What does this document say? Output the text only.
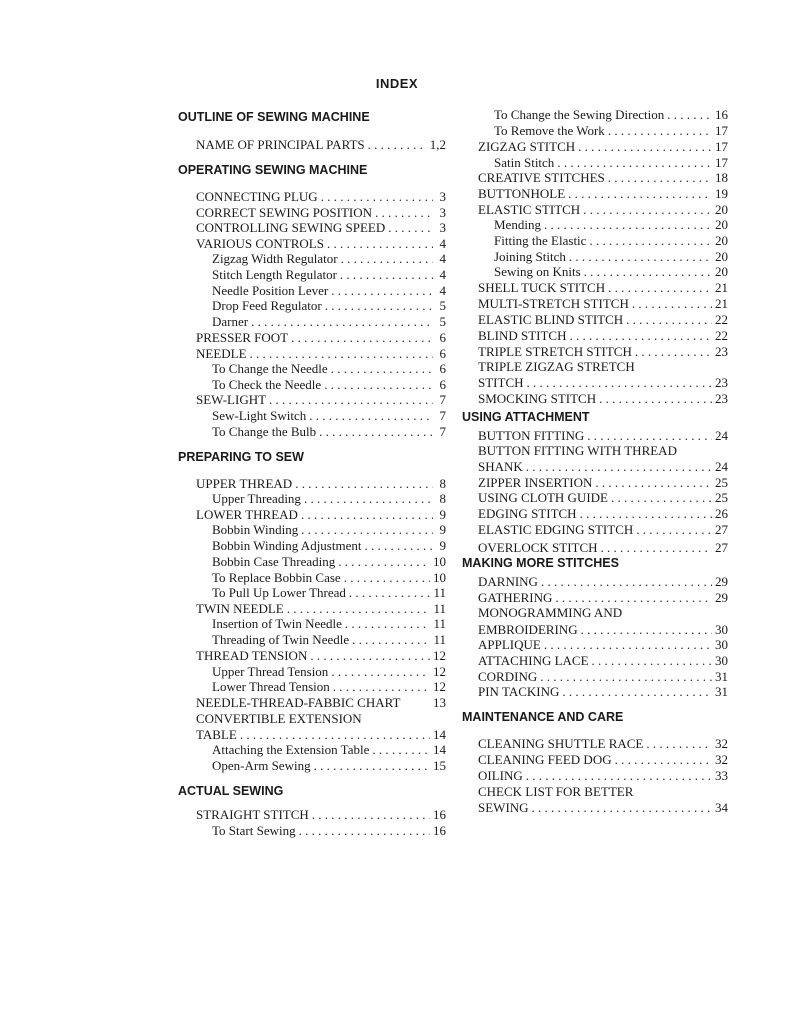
INDEX
OUTLINE OF SEWING MACHINE
NAME OF PRINCIPAL PARTS . . .	1,2
OPERATING SEWING MACHINE
CONNECTING PLUG . . .	3
CORRECT SEWING POSITION . . .	3
CONTROLLING SEWING SPEED . . .	3
VARIOUS CONTROLS . . .	4
Zigzag Width Regulator . . .	4
Stitch Length Regulator . . .	4
Needle Position Lever . . .	4
Drop Feed Regulator . . .	5
Darner . . .	5
PRESSER FOOT . . .	6
NEEDLE . . .	6
To Change the Needle . . .	6
To Check the Needle . . .	6
SEW-LIGHT . . .	7
Sew-Light Switch . . .	7
To Change the Bulb . . .	7
PREPARING TO SEW
UPPER THREAD . . .	8
Upper Threading . . .	8
LOWER THREAD . . .	9
Bobbin Winding . . .	9
Bobbin Winding Adjustment . . .	9
Bobbin Case Threading . . .	10
To Replace Bobbin Case . . .	10
To Pull Up Lower Thread . . .	11
TWIN NEEDLE . . .	11
Insertion of Twin Needle . . .	11
Threading of Twin Needle . . .	11
THREAD TENSION . . .	12
Upper Thread Tension . . .	12
Lower Thread Tension . . .	12
NEEDLE-THREAD-FABBIC CHART	13
CONVERTIBLE EXTENSION
TABLE . . .	14
Attaching the Extension Table . . .	14
Open-Arm Sewing . . .	15
ACTUAL SEWING
STRAIGHT STITCH . . .	16
To Start Sewing . . .	16
To Change the Sewing Direction . . .	16
To Remove the Work . . .	17
ZIGZAG STITCH . . .	17
Satin Stitch . . .	17
CREATIVE STITCHES . . .	18
BUTTONHOLE . . .	19
ELASTIC STITCH . . .	20
Mending . . .	20
Fitting the Elastic . . .	20
Joining Stitch . . .	20
Sewing on Knits . . .	20
SHELL TUCK STITCH . . .	21
MULTI-STRETCH STITCH . . .	21
ELASTIC BLIND STITCH . . .	22
BLIND STITCH . . .	22
TRIPLE STRETCH STITCH . . .	23
TRIPLE ZIGZAG STRETCH
STITCH . . .	23
SMOCKING STITCH . . .	23
USING ATTACHMENT
BUTTON FITTING . . .	24
BUTTON FITTING WITH THREAD
SHANK . . .	24
ZIPPER INSERTION . . .	25
USING CLOTH GUIDE . . .	25
EDGING STITCH . . .	26
ELASTIC EDGING STITCH . . .	27
OVERLOCK STITCH . . .	27
MAKING MORE STITCHES
DARNING . . .	29
GATHERING . . .	29
MONOGRAMMING AND
EMBROIDERING . . .	30
APPLIQUE . . .	30
ATTACHING LACE . . .	30
CORDING . . .	31
PIN TACKING . . .	31
MAINTENANCE AND CARE
CLEANING SHUTTLE RACE . . .	32
CLEANING FEED DOG . . .	32
OILING . . .	33
CHECK LIST FOR BETTER
SEWING . . .	34
